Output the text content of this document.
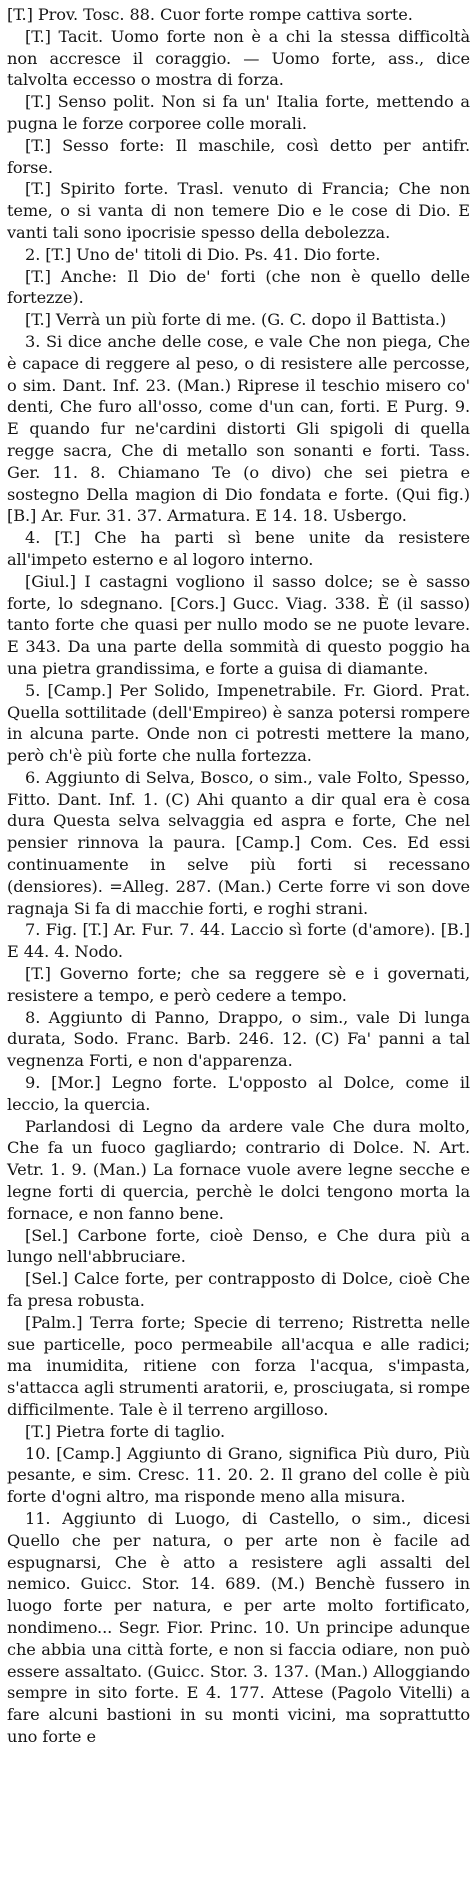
[T.] Prov. Tosc. 88. Cuor forte rompe cattiva sorte.

[T.] Tacit. Uomo forte non è a chi la stessa difficoltà non accresce il coraggio. — Uomo forte, ass., dice talvolta eccesso o mostra di forza.

[T.] Senso polit. Non si fa un' Italia forte, mettendo a pugna le forze corporee colle morali.

[T.] Sesso forte: Il maschile, così detto per antifr. forse.

[T.] Spirito forte. Trasl. venuto di Francia; Che non teme, o si vanta di non temere Dio e le cose di Dio. E vanti tali sono ipocrisie spesso della debolezza.

2. [T.] Uno de' titoli di Dio. Ps. 41. Dio forte.

[T.] Anche: Il Dio de' forti (che non è quello delle fortezze).

[T.] Verrà un più forte di me. (G. C. dopo il Battista.)

3. Si dice anche delle cose, e vale Che non piega, Che è capace di reggere al peso, o di resistere alle percosse, o sim. Dant. Inf. 23. (Man.) Riprese il teschio misero co' denti, Che furo all'osso, come d'un can, forti. E Purg. 9. E quando fur ne'cardini distorti Gli spigoli di quella regge sacra, Che di metallo son sonanti e forti. Tass. Ger. 11. 8. Chiamano Te (o divo) che sei pietra e sostegno Della magion di Dio fondata e forte. (Qui fig.) [B.] Ar. Fur. 31. 37. Armatura. E 14. 18. Usbergo.

4. [T.] Che ha parti sì bene unite da resistere all'impeto esterno e al logoro interno.

[Giul.] I castagni vogliono il sasso dolce; se è sasso forte, lo sdegnano. [Cors.] Gucc. Viag. 338. È (il sasso) tanto forte che quasi per nullo modo se ne puote levare. E 343. Da una parte della sommità di questo poggio ha una pietra grandissima, e forte a guisa di diamante.

5. [Camp.] Per Solido, Impenetrabile. Fr. Giord. Prat. Quella sottilitade (dell'Empireo) è sanza potersi rompere in alcuna parte. Onde non ci potresti mettere la mano, però ch'è più forte che nulla fortezza.

6. Aggiunto di Selva, Bosco, o sim., vale Folto, Spesso, Fitto. Dant. Inf. 1. (C) Ahi quanto a dir qual era è cosa dura Questa selva selvaggia ed aspra e forte, Che nel pensier rinnova la paura. [Camp.] Com. Ces. Ed essi continuamente in selve più forti si recessano (densiores). =Alleg. 287. (Man.) Certe forre vi son dove ragnaja Si fa di macchie forti, e roghi strani.

7. Fig. [T.] Ar. Fur. 7. 44. Laccio sì forte (d'amore). [B.] E 44. 4. Nodo.

[T.] Governo forte; che sa reggere sè e i governati, resistere a tempo, e però cedere a tempo.

8. Aggiunto di Panno, Drappo, o sim., vale Di lunga durata, Sodo. Franc. Barb. 246. 12. (C) Fa' panni a tal vegnenza Forti, e non d'apparenza.

9. [Mor.] Legno forte. L'opposto al Dolce, come il leccio, la quercia.

Parlandosi di Legno da ardere vale Che dura molto, Che fa un fuoco gagliardo; contrario di Dolce. N. Art. Vetr. 1. 9. (Man.) La fornace vuole avere legne secche e legne forti di quercia, perchè le dolci tengono morta la fornace, e non fanno bene.

[Sel.] Carbone forte, cioè Denso, e Che dura più a lungo nell'abbruciare.

[Sel.] Calce forte, per contrapposto di Dolce, cioè Che fa presa robusta.

[Palm.] Terra forte; Specie di terreno; Ristretta nelle sue particelle, poco permeabile all'acqua e alle radici; ma inumidita, ritiene con forza l'acqua, s'impasta, s'attacca agli strumenti aratorii, e, prosciugata, si rompe difficilmente. Tale è il terreno argilloso.

[T.] Pietra forte di taglio.

10. [Camp.] Aggiunto di Grano, significa Più duro, Più pesante, e sim. Cresc. 11. 20. 2. Il grano del colle è più forte d'ogni altro, ma risponde meno alla misura.

11. Aggiunto di Luogo, di Castello, o sim., dicesi Quello che per natura, o per arte non è facile ad espugnarsi, Che è atto a resistere agli assalti del nemico. Guicc. Stor. 14. 689. (M.) Benchè fussero in luogo forte per natura, e per arte molto fortificato, nondimeno... Segr. Fior. Princ. 10. Un principe adunque che abbia una città forte, e non si faccia odiare, non può essere assaltato. (Guicc. Stor. 3. 137. (Man.) Alloggiando sempre in sito forte. E 4. 177. Attese (Pagolo Vitelli) a fare alcuni bastioni in su monti vicini, ma soprattutto uno forte e
